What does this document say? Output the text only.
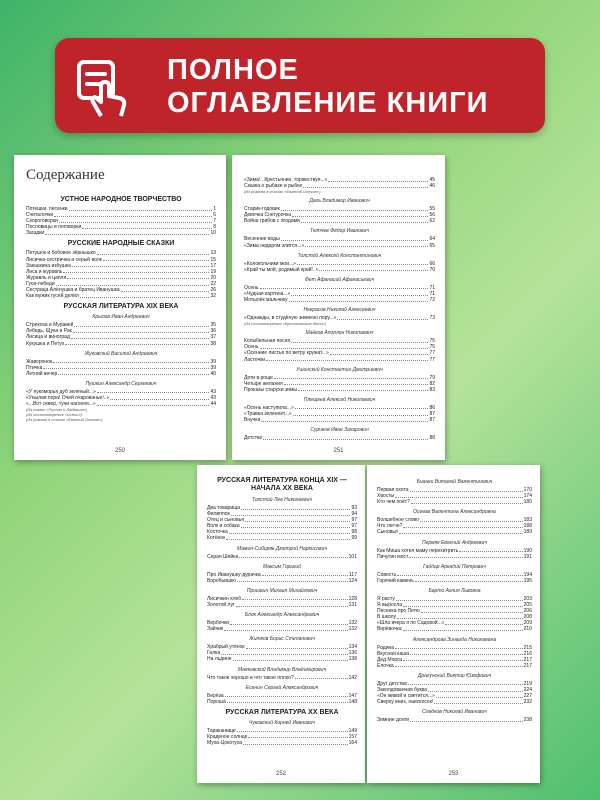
ПОЛНОЕ
ОГЛАВЛЕНИЕ КНИГИ
Содержание
УСТНОЕ НАРОДНОЕ ТВОРЧЕСТВО
Потешки, песенки	1
Считалочки	6
Скороговорки	7
Пословицы и поговорки	8
Загадки	10
РУССКИЕ НАРОДНЫЕ СКАЗКИ
Петушок и бобовое зёрнышко	13
Лисичка-сестричка и серый волк	15
Заюшкина избушка	17
Лиса и журавль	19
Журавль и цапля	20
Гуси-лебеди	22
Сестрица Алёнушка и братец Иванушка	26
Как мужик гусей делил	32
РУССКАЯ ЛИТЕРАТУРА XIX ВЕКА
Крылов Иван Андреевич
Стрекоза и Муравей	35
Лебедь, Щука и Рак	36
Лисица и виноград	37
Кукушка и Петух	38
Жуковский Василий Андреевич
Жаворонок	39
Птичка	39
Летний вечер	40
Пушкин Александр Сергеевич
«У лукоморья дуб зелёный...»	43
«Унылая пора! Очей очарованье!..»	43
«...Вот север, тучи нагоняя...»	44
(Из поэмы «Руслан и Людмила»)
(Из стихотворения «Осень»)
(Из романа в стихах «Евгений Онегин»)
250
«Зима!.. Крестьянин, торжествуя...»	45
Сказка о рыбаке и рыбке	46
(Из романа в стихах «Евгений Онегин»)
Даль Владимир Иванович
Старик-годовик	55
Девочка Снегурочка	56
Война грибов с ягодами	62
Тютчев Фёдор Иванович
Весенние воды	64
«Зима недаром злится...»	65
Толстой Алексей Константинович
«Колокольчики мои...»	66
«Край ты мой, родимый край!..»	70
Фет Афанасий Афанасьевич
Осень	71
«Чудная картина...»	71
Мотылёк мальчику	72
Некрасов Николай Алексеевич
«Однажды, в студёную зимнюю пору...»	73
(Из стихотворения «Крестьянские дети»)
Майков Аполлон Николаевич
Колыбельная песня	75
Осень	75
«Осенние листья по ветру кружат...»	77
Ласточки	77
Ушинский Константин Дмитриевич
Дети в роще	79
Четыре желания	82
Проказы старухи зимы	83
Плещеев Алексей Николаевич
«Осень наступила...»	86
«Травка зеленеет...»	87
Внучка	87
Суриков Иван Захарович
Детство	88
251
РУССКАЯ ЛИТЕРАТУРА КОНЦА XIX — НАЧАЛА XX ВЕКА
Толстой Лев Николаевич
Два товарища	93
Филиппок	94
Отец и сыновья	97
Волк и собака	97
Косточка	98
Котёнок	99
Мамин-Сибиряк Дмитрий Наркисович
Серая Шейка	101
Максим Горький
Про Иванушку-дурачка	117
Воробьишко	124
Пришвин Михаил Михайлович
Лисичкин хлеб	128
Золотой луг	131
Блок Александр Александрович
Вербочки	132
Зайчик	132
Житков Борис Степанович
Храбрый утёнок	134
Галка	136
На льдине	138
Маяковский Владимир Владимирович
Что такое хорошо и что такое плохо?	142
Есенин Сергей Александрович
Берёза	147
Порошá	148
РУССКАЯ ЛИТЕРАТУРА XX ВЕКА
Чуковский Корней Иванович
Тараканище	149
Краденое солнце	157
Муха-Цокотуха	164
252
Бианки Виталий Валентинович
Первая охота	170
Хвосты	174
Кто чем поёт?	180
Осеева Валентина Александровна
Волшебное слово	183
Что легче?	188
Сыновья	189
Пермяк Евгений Андреевич
Как Миша хотел маму перехитрить	190
Пичугин мост	191
Гайдар Аркадий Петрович
Совесть	194
Горячий камень	195
Барто Агния Львовна
Я расту	203
Я выросла	205
Песенка про Петю	206
В школу	208
«Шла вчера я по Садовой...»	209
Верёвочка	210
Александрова Зинаида Николаевна
Родина	215
Вкусная каша	216
Дед Мороз	217
Ёлочка	217
Драгунский Виктор Юзефович
Друг детства	219
Заколдованная буква	224
«Он живой и светится...»	227
Сверху вниз, наискосок!	232
Сладков Николай Иванович
Зимние долги	238
253
